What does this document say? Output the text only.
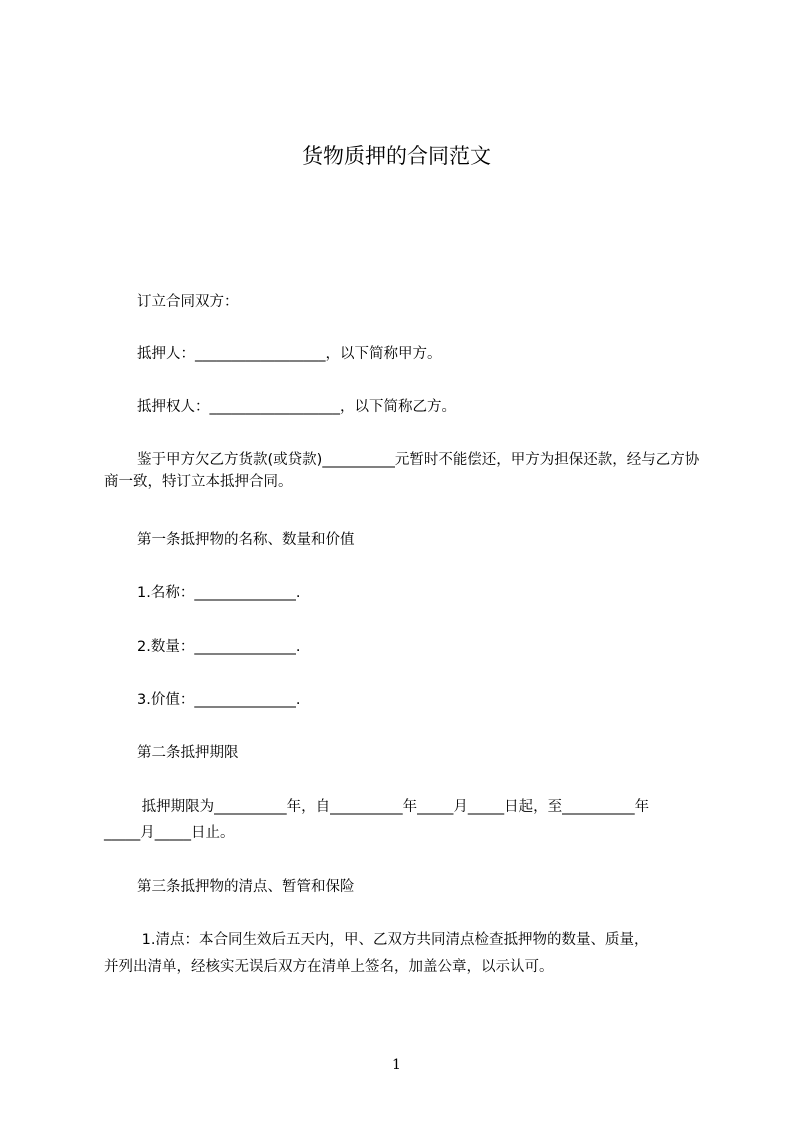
货物质押的合同范文
订立合同双方：
抵押人：__________________，以下简称甲方。
抵押权人：__________________，以下简称乙方。
鉴于甲方欠乙方货款(或贷款)__________元暂时不能偿还，甲方为担保还款，经与乙方协商一致，特订立本抵押合同。
第一条抵押物的名称、数量和价值
1.名称：______________.
2.数量：______________.
3.价值：______________.
第二条抵押期限
抵押期限为__________年，自__________年_____月_____日起，至__________年
_____月_____日止。
第三条抵押物的清点、暂管和保险
1.清点：本合同生效后五天内，甲、乙双方共同清点检查抵押物的数量、质量，
并列出清单，经核实无误后双方在清单上签名，加盖公章，以示认可。
1
